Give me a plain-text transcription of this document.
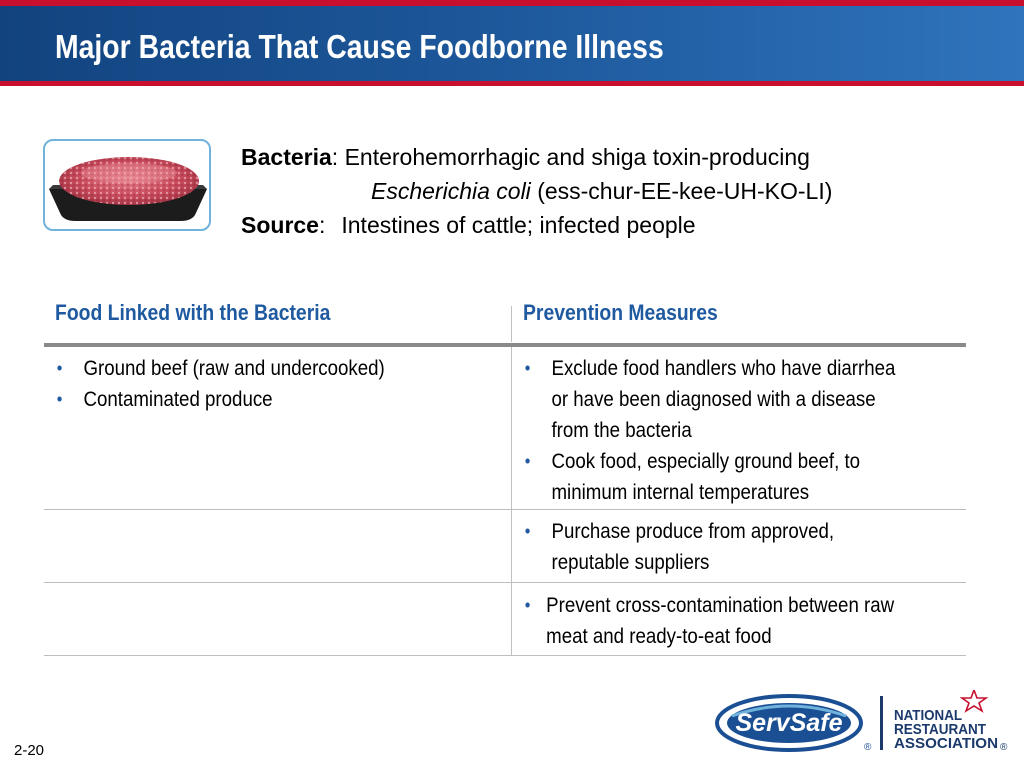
Major Bacteria That Cause Foodborne Illness
Bacteria: Enterohemorrhagic and shiga toxin-producing
Escherichia coli (ess-chur-EE-kee-UH-KO-LI)
Source: Intestines of cattle; infected people
Food Linked with the Bacteria	Prevention Measures
• Ground beef (raw and undercooked)
• Contaminated produce
• Exclude food handlers who have diarrhea
or have been diagnosed with a disease
from the bacteria
• Cook food, especially ground beef, to
minimum internal temperatures
• Purchase produce from approved,
reputable suppliers
• Prevent cross-contamination between raw
meat and ready-to-eat food
2-20
ServSafe
®
NATIONAL
RESTAURANT
ASSOCIATION ®
